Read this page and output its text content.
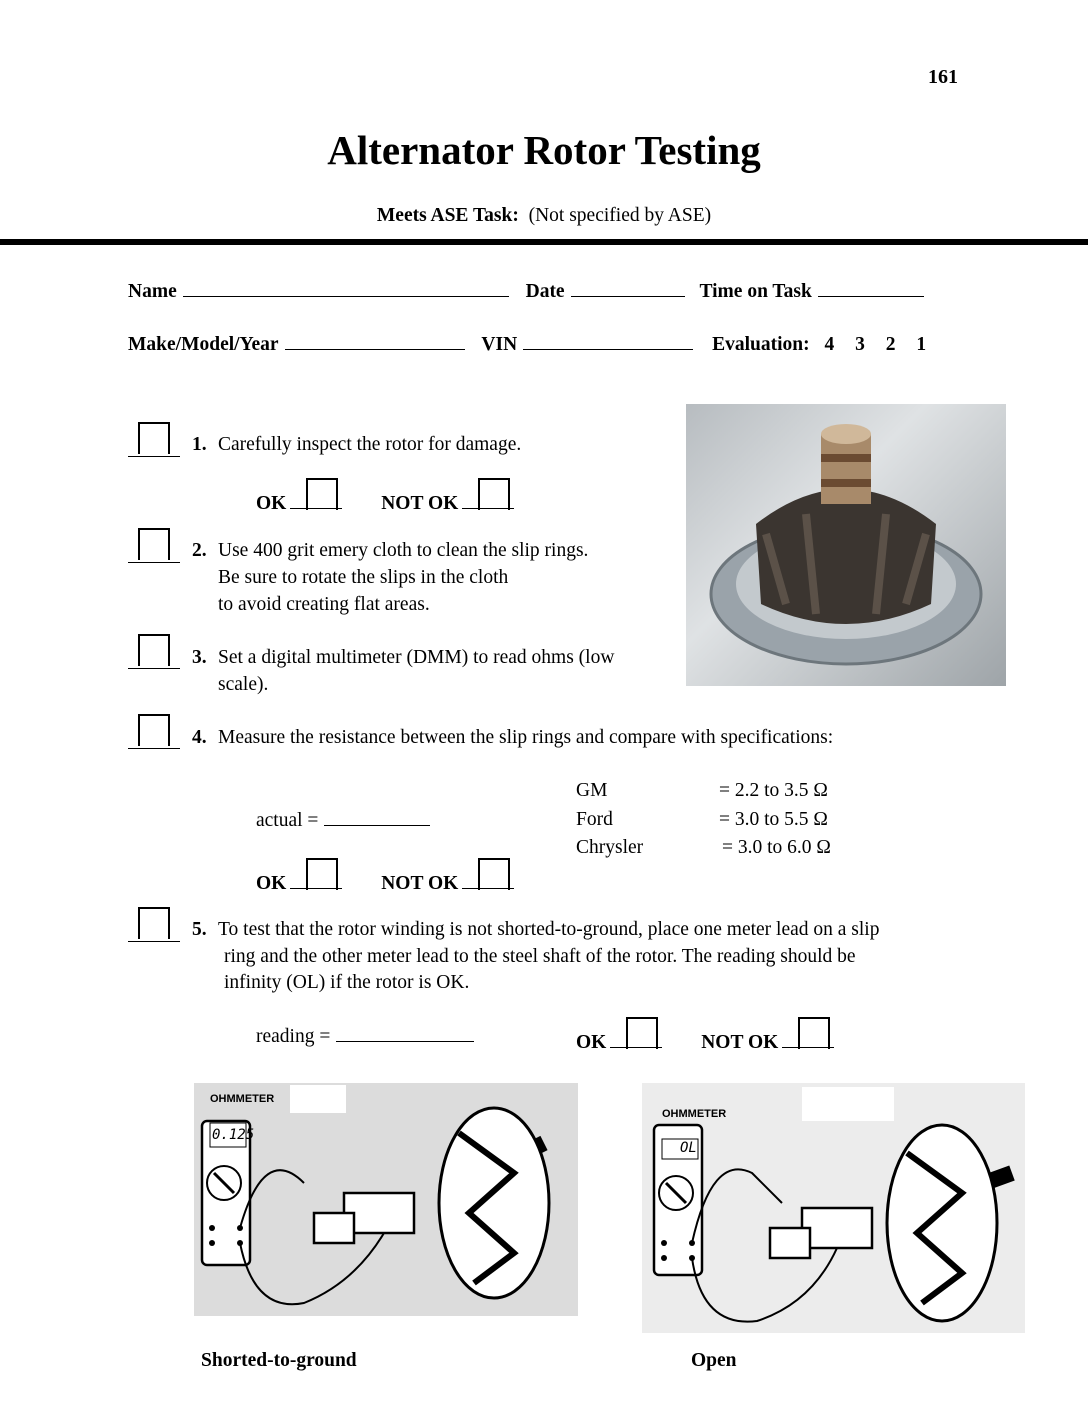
161
Alternator Rotor Testing
Meets ASE Task: (Not specified by ASE)
Name	Date	Time on Task
Make/Model/Year	VIN	Evaluation: 4 3 2 1
1. Carefully inspect the rotor for damage.
OK	NOT OK
2. Use 400 grit emery cloth to clean the slip rings.
Be sure to rotate the slips in the cloth
to avoid creating flat areas.
3. Set a digital multimeter (DMM) to read ohms (low
scale).
4. Measure the resistance between the slip rings and compare with specifications:
GM	= 2.2 to 3.5 Ω
Ford	= 3.0 to 5.5 Ω
Chrysler	= 3.0 to 6.0 Ω
actual =
OK	NOT OK
5. To test that the rotor winding is not shorted-to-ground, place one meter lead on a slip
ring and the other meter lead to the steel shaft of the rotor. The reading should be
infinity (OL) if the rotor is OK.
reading =	OK	NOT OK
OHMMETER
0.125
Shorted-to-ground
OHMMETER
OL
Open
